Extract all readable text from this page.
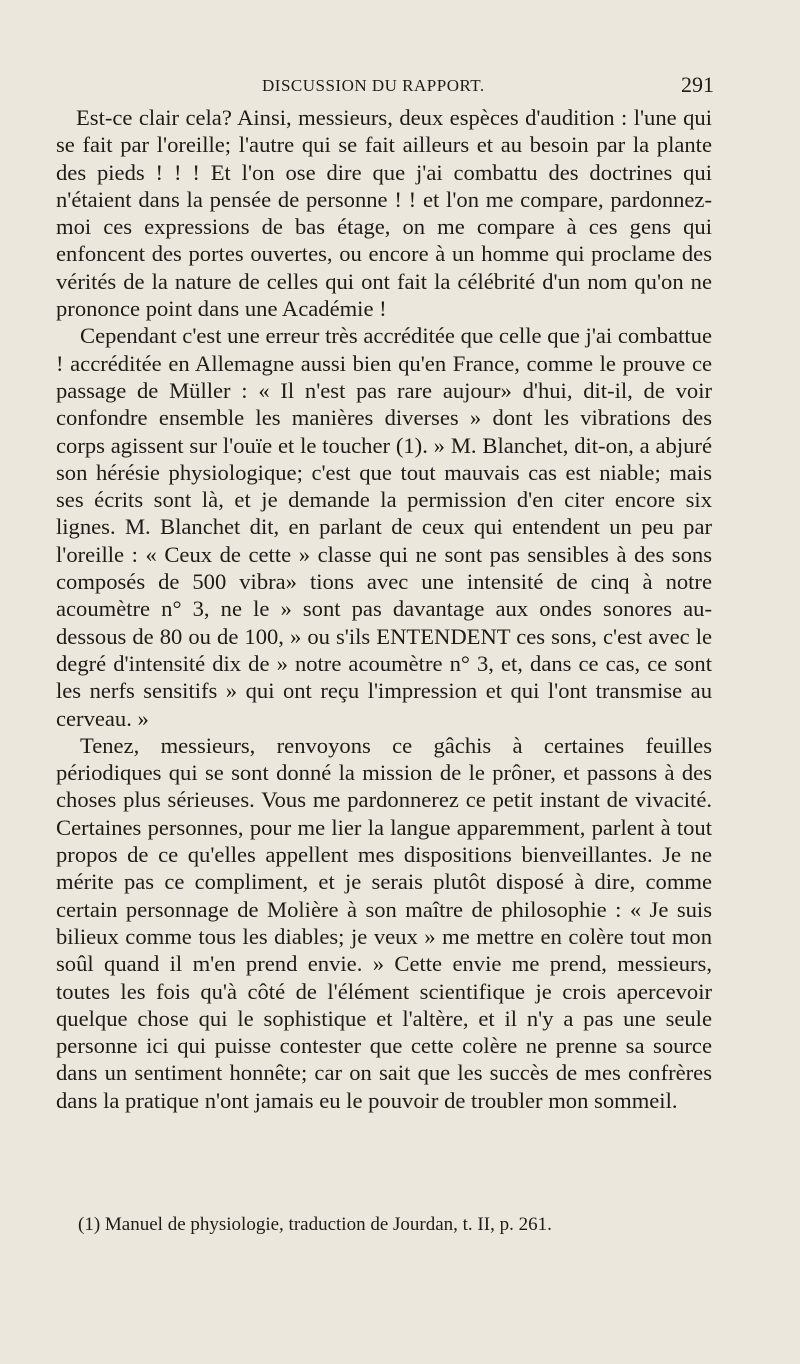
DISCUSSION DU RAPPORT.	291

Est-ce clair cela? Ainsi, messieurs, deux espèces d'audition : l'une qui se fait par l'oreille; l'autre qui se fait ailleurs et au besoin par la plante des pieds ! ! ! Et l'on ose dire que j'ai combattu des doctrines qui n'étaient dans la pensée de personne ! ! et l'on me compare, pardonnez-moi ces expressions de bas étage, on me compare à ces gens qui enfoncent des portes ouvertes, ou encore à un homme qui proclame des vérités de la nature de celles qui ont fait la célébrité d'un nom qu'on ne prononce point dans une Académie !

Cependant c'est une erreur très accréditée que celle que j'ai combattue ! accréditée en Allemagne aussi bien qu'en France, comme le prouve ce passage de Müller : « Il n'est pas rare aujour» d'hui, dit-il, de voir confondre ensemble les manières diverses » dont les vibrations des corps agissent sur l'ouïe et le toucher (1). » M. Blanchet, dit-on, a abjuré son hérésie physiologique; c'est que tout mauvais cas est niable; mais ses écrits sont là, et je demande la permission d'en citer encore six lignes. M. Blanchet dit, en parlant de ceux qui entendent un peu par l'oreille : « Ceux de cette » classe qui ne sont pas sensibles à des sons composés de 500 vibra» tions avec une intensité de cinq à notre acoumètre n° 3, ne le » sont pas davantage aux ondes sonores au-dessous de 80 ou de 100, » ou s'ils ENTENDENT ces sons, c'est avec le degré d'intensité dix de » notre acoumètre n° 3, et, dans ce cas, ce sont les nerfs sensitifs » qui ont reçu l'impression et qui l'ont transmise au cerveau. »

Tenez, messieurs, renvoyons ce gâchis à certaines feuilles périodiques qui se sont donné la mission de le prôner, et passons à des choses plus sérieuses. Vous me pardonnerez ce petit instant de vivacité. Certaines personnes, pour me lier la langue apparemment, parlent à tout propos de ce qu'elles appellent mes dispositions bienveillantes. Je ne mérite pas ce compliment, et je serais plutôt disposé à dire, comme certain personnage de Molière à son maître de philosophie : « Je suis bilieux comme tous les diables; je veux » me mettre en colère tout mon soûl quand il m'en prend envie. » Cette envie me prend, messieurs, toutes les fois qu'à côté de l'élément scientifique je crois apercevoir quelque chose qui le sophistique et l'altère, et il n'y a pas une seule personne ici qui puisse contester que cette colère ne prenne sa source dans un sentiment honnête; car on sait que les succès de mes confrères dans la pratique n'ont jamais eu le pouvoir de troubler mon sommeil.

(1) Manuel de physiologie, traduction de Jourdan, t. II, p. 261.
